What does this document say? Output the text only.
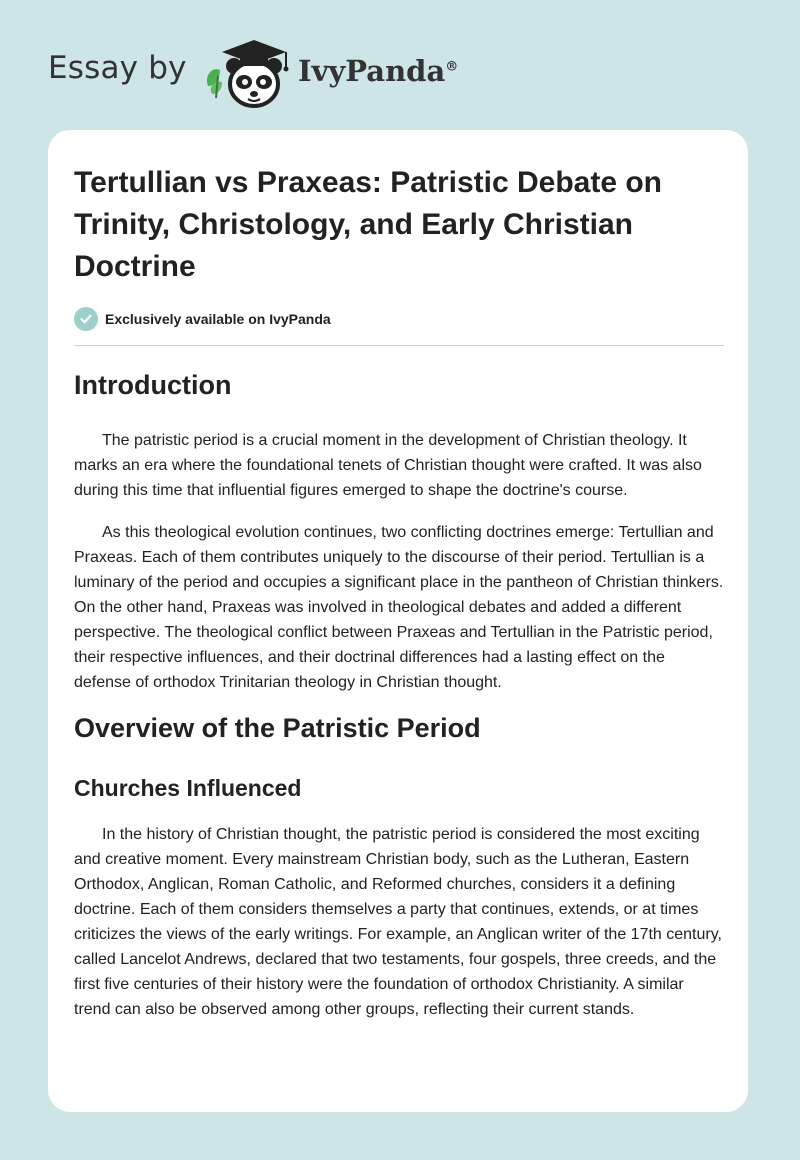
Essay by	IvyPanda®
Tertullian vs Praxeas: Patristic Debate on Trinity, Christology, and Early Christian Doctrine
Exclusively available on IvyPanda
Introduction

The patristic period is a crucial moment in the development of Christian theology. It marks an era where the foundational tenets of Christian thought were crafted. It was also during this time that influential figures emerged to shape the doctrine's course.

As this theological evolution continues, two conflicting doctrines emerge: Tertullian and Praxeas. Each of them contributes uniquely to the discourse of their period. Tertullian is a luminary of the period and occupies a significant place in the pantheon of Christian thinkers. On the other hand, Praxeas was involved in theological debates and added a different perspective. The theological conflict between Praxeas and Tertullian in the Patristic period, their respective influences, and their doctrinal differences had a lasting effect on the defense of orthodox Trinitarian theology in Christian thought.

Overview of the Patristic Period
Churches Influenced

In the history of Christian thought, the patristic period is considered the most exciting and creative moment. Every mainstream Christian body, such as the Lutheran, Eastern Orthodox, Anglican, Roman Catholic, and Reformed churches, considers it a defining doctrine. Each of them considers themselves a party that continues, extends, or at times criticizes the views of the early writings. For example, an Anglican writer of the 17th century, called Lancelot Andrews, declared that two testaments, four gospels, three creeds, and the first five centuries of their history were the foundation of orthodox Christianity. A similar trend can also be observed among other groups, reflecting their current stands.
